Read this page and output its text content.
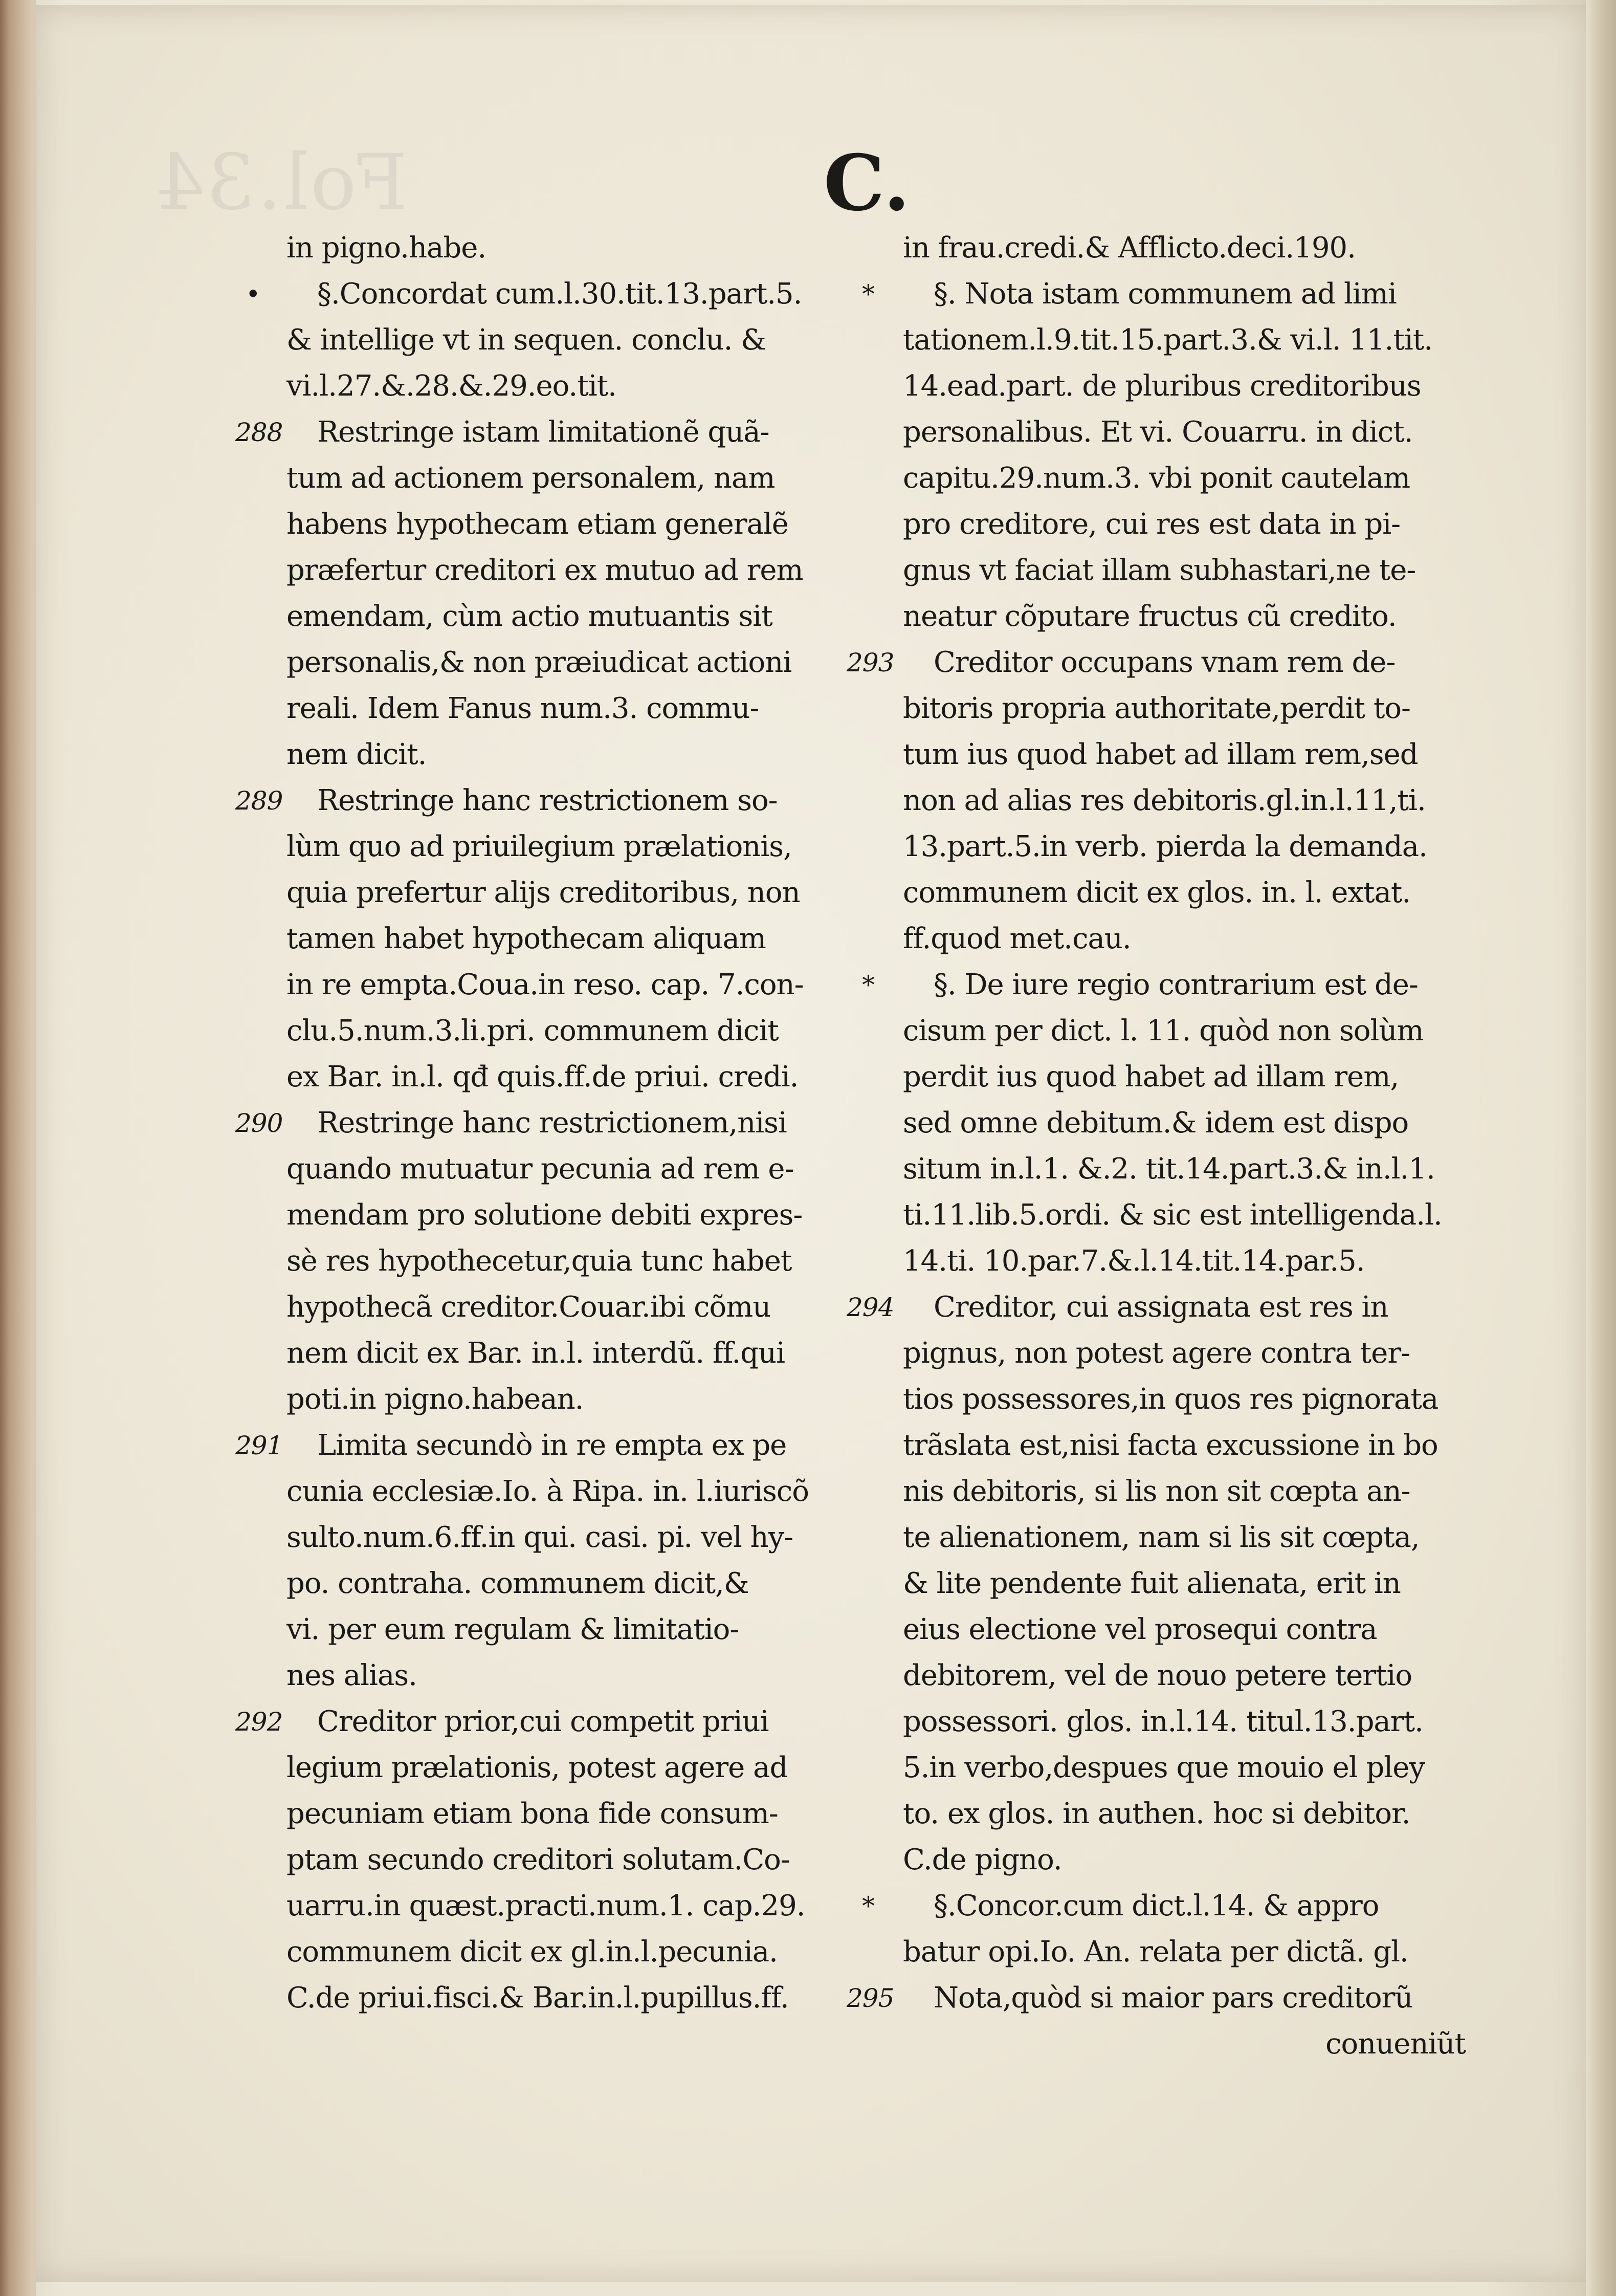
Fol.34	C.
in pigno.habe.
• §.Concordat cum.l.30.tit.13.part.5.
& intellige vt in sequen. conclu. &
vi.l.27.&.28.&.29.eo.tit.
288 Restringe istam limitationẽ quã-
tum ad actionem personalem, nam
habens hypothecam etiam generalẽ
præfertur creditori ex mutuo ad rem
emendam, cùm actio mutuantis sit
personalis,& non præiudicat actioni
reali. Idem Fanus num.3. commu-
nem dicit.
289 Restringe hanc restrictionem so-
lùm quo ad priuilegium prælationis,
quia prefertur alijs creditoribus, non
tamen habet hypothecam aliquam
in re empta.Coua.in reso. cap. 7.con-
clu.5.num.3.li.pri. communem dicit
ex Bar. in.l. qđ quis.ff.de priui. credi.
290 Restringe hanc restrictionem,nisi
quando mutuatur pecunia ad rem e-
mendam pro solutione debiti expres-
sè res hypothecetur,quia tunc habet
hypothecã creditor.Couar.ibi cõmu
nem dicit ex Bar. in.l. interdũ. ff.qui
poti.in pigno.habean.
291 Limita secundò in re empta ex pe
cunia ecclesiæ.Io. à Ripa. in. l.iuriscõ
sulto.num.6.ff.in qui. casi. pi. vel hy-
po. contraha. communem dicit,&
vi. per eum regulam & limitatio-
nes alias.
292 Creditor prior,cui competit priui
legium prælationis, potest agere ad
pecuniam etiam bona fide consum-
ptam secundo creditori solutam.Co-
uarru.in quæst.practi.num.1. cap.29.
communem dicit ex gl.in.l.pecunia.
C.de priui.fisci.& Bar.in.l.pupillus.ff.
in frau.credi.& Afflicto.deci.190.
* §. Nota istam communem ad limi
tationem.l.9.tit.15.part.3.& vi.l. 11.tit.
14.ead.part. de pluribus creditoribus
personalibus. Et vi. Couarru. in dict.
capitu.29.num.3. vbi ponit cautelam
pro creditore, cui res est data in pi-
gnus vt faciat illam subhastari,ne te-
neatur cõputare fructus cũ credito.
293 Creditor occupans vnam rem de-
bitoris propria authoritate,perdit to-
tum ius quod habet ad illam rem,sed
non ad alias res debitoris.gl.in.l.11,ti.
13.part.5.in verb. pierda la demanda.
communem dicit ex glos. in. l. extat.
ff.quod met.cau.
* §. De iure regio contrarium est de-
cisum per dict. l. 11. quòd non solùm
perdit ius quod habet ad illam rem,
sed omne debitum.& idem est dispo
situm in.l.1. &.2. tit.14.part.3.& in.l.1.
ti.11.lib.5.ordi. & sic est intelligenda.l.
14.ti. 10.par.7.&.l.14.tit.14.par.5.
294 Creditor, cui assignata est res in
pignus, non potest agere contra ter-
tios possessores,in quos res pignorata
trãslata est,nisi facta excussione in bo
nis debitoris, si lis non sit cœpta an-
te alienationem, nam si lis sit cœpta,
& lite pendente fuit alienata, erit in
eius electione vel prosequi contra
debitorem, vel de nouo petere tertio
possessori. glos. in.l.14. titul.13.part.
5.in verbo,despues que mouio el pley
to. ex glos. in authen. hoc si debitor.
C.de pigno.
* §.Concor.cum dict.l.14. & appro
batur opi.Io. An. relata per dictã. gl.
295 Nota,quòd si maior pars creditorũ
conueniũt
